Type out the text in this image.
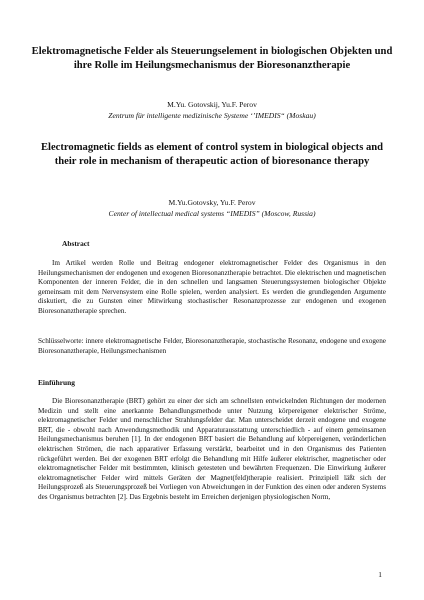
Elektromagnetische Felder als Steuerungselement in biologischen Objekten und ihre Rolle im Heilungsmechanismus der Bioresonanztherapie
M.Yu. Gotovskij, Yu.F. Perov
Zentrum für intelligente medizinische Systeme ‘’IMEDIS“ (Moskau)
Electromagnetic fields as element of control system in biological objects and their role in mechanism of therapeutic action of bioresonance therapy
M.Yu.Gotovsky, Yu.F. Perov
Center of intellectual medical systems “IMEDIS” (Moscow, Russia)
Abstract
Im Artikel werden Rolle und Beitrag endogener elektromagnetischer Felder des Organismus in den Heilungsmechanismen der endogenen und exogenen Bioresonanztherapie betrachtet. Die elektrischen und magnetischen Komponenten der inneren Felder, die in den schnellen und langsamen Steuerungssystemen biologischer Objekte gemeinsam mit dem Nervensystem eine Rolle spielen, werden analysiert. Es werden die grundlegenden Argumente diskutiert, die zu Gunsten einer Mitwirkung stochastischer Resonanzprozesse zur endogenen und exogenen Bioresonanztherapie sprechen.
Schlüsselworte: innere elektromagnetische Felder, Bioresonanztherapie, stochastische Resonanz, endogene und exogene Bioresonanztherapie, Heilungsmechanismen
Einführung
Die Bioresonanztherapie (BRT) gehört zu einer der sich am schnellsten entwickelnden Richtungen der modernen Medizin und stellt eine anerkannte Behandlungsmethode unter Nutzung körpereigener elektrischer Ströme, elektromagnetischer Felder und menschlicher Strahlungsfelder dar. Man unterscheidet derzeit endogene und exogene BRT, die - obwohl nach Anwendungsmethodik und Apparaturausstattung unterschiedlich - auf einem gemeinsamen Heilungsmechanismus beruhen [1]. In der endogenen BRT basiert die Behandlung auf körpereigenen, veränderlichen elektrischen Strömen, die nach apparativer Erfassung verstärkt, bearbeitet und in den Organismus des Patienten rückgeführt werden. Bei der exogenen BRT erfolgt die Behandlung mit Hilfe äußerer elektrischer, magnetischer oder elektromagnetischer Felder mit bestimmten, klinisch getesteten und bewährten Frequenzen. Die Einwirkung äußerer elektromagnetischer Felder wird mittels Geräten der Magnet(feld)therapie realisiert. Prinzipiell läßt sich der Heilungsprozeß als Steuerungsprozeß bei Vorliegen von Abweichungen in der Funktion des einen oder anderen Systems des Organismus betrachten [2]. Das Ergebnis besteht im Erreichen derjenigen physiologischen Norm,
1
